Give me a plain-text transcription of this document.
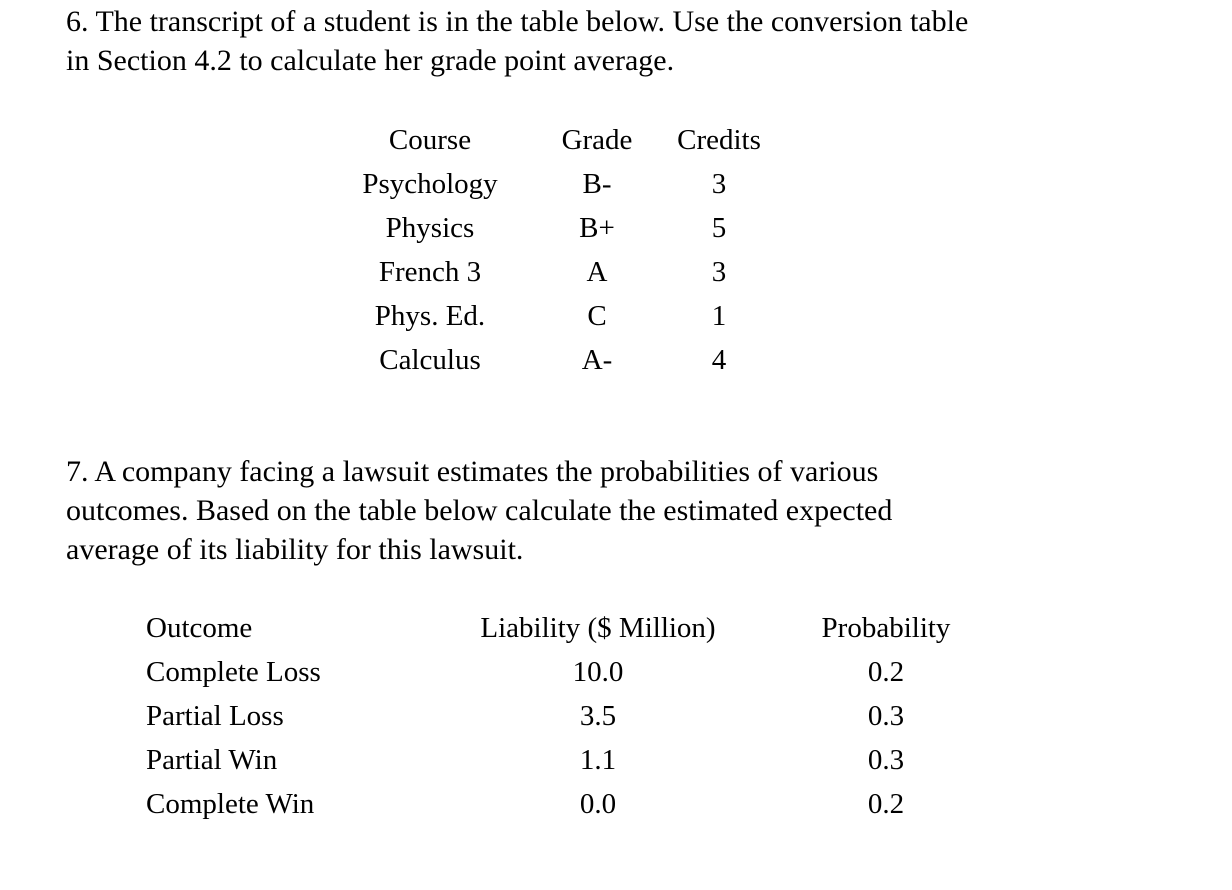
6. The transcript of a student is in the table below. Use the conversion table
in Section 4.2 to calculate her grade point average.

Course	Grade	Credits
Psychology	B-	3
Physics	B+	5
French 3	A	3
Phys. Ed.	C	1
Calculus	A-	4

7. A company facing a lawsuit estimates the probabilities of various
outcomes. Based on the table below calculate the estimated expected
average of its liability for this lawsuit.

Outcome	Liability ($ Million)	Probability
Complete Loss	10.0	0.2
Partial Loss	3.5	0.3
Partial Win	1.1	0.3
Complete Win	0.0	0.2
